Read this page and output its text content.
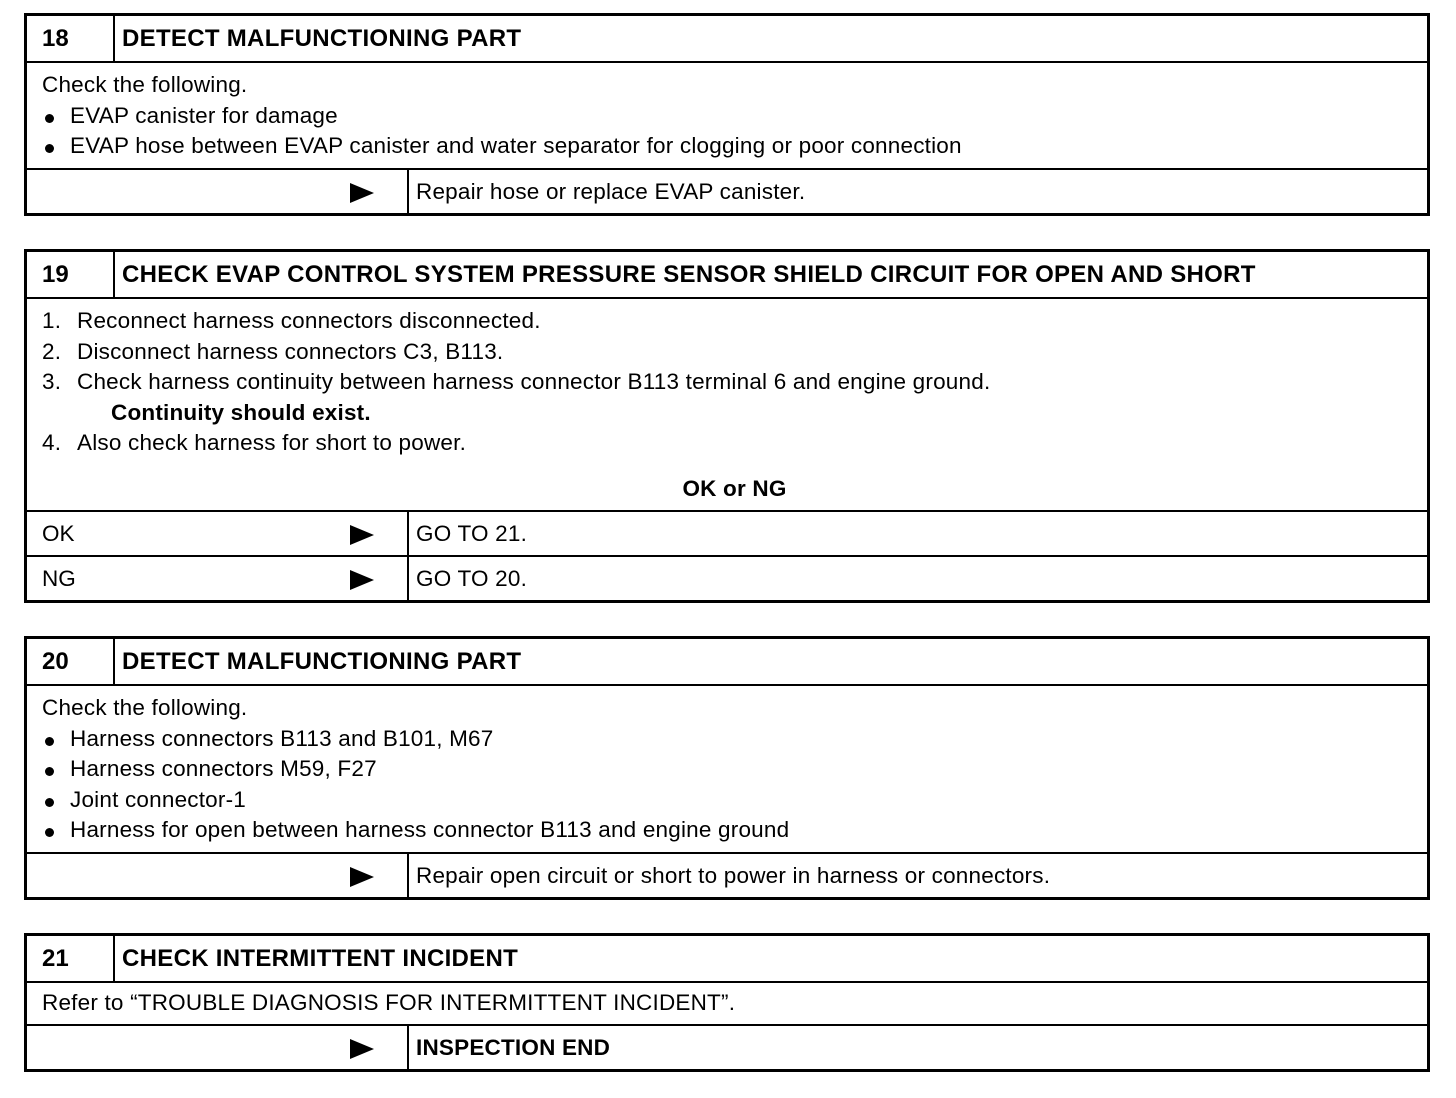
18	DETECT MALFUNCTIONING PART
Check the following.
EVAP canister for damage
EVAP hose between EVAP canister and water separator for clogging or poor connection
Repair hose or replace EVAP canister.
19	CHECK EVAP CONTROL SYSTEM PRESSURE SENSOR SHIELD CIRCUIT FOR OPEN AND SHORT
1. Reconnect harness connectors disconnected.
2. Disconnect harness connectors C3, B113.
3. Check harness continuity between harness connector B113 terminal 6 and engine ground.
Continuity should exist.
4. Also check harness for short to power.
OK or NG
OK	GO TO 21.
NG	GO TO 20.
20	DETECT MALFUNCTIONING PART
Check the following.
Harness connectors B113 and B101, M67
Harness connectors M59, F27
Joint connector-1
Harness for open between harness connector B113 and engine ground
Repair open circuit or short to power in harness or connectors.
21	CHECK INTERMITTENT INCIDENT
Refer to “TROUBLE DIAGNOSIS FOR INTERMITTENT INCIDENT”.
INSPECTION END
